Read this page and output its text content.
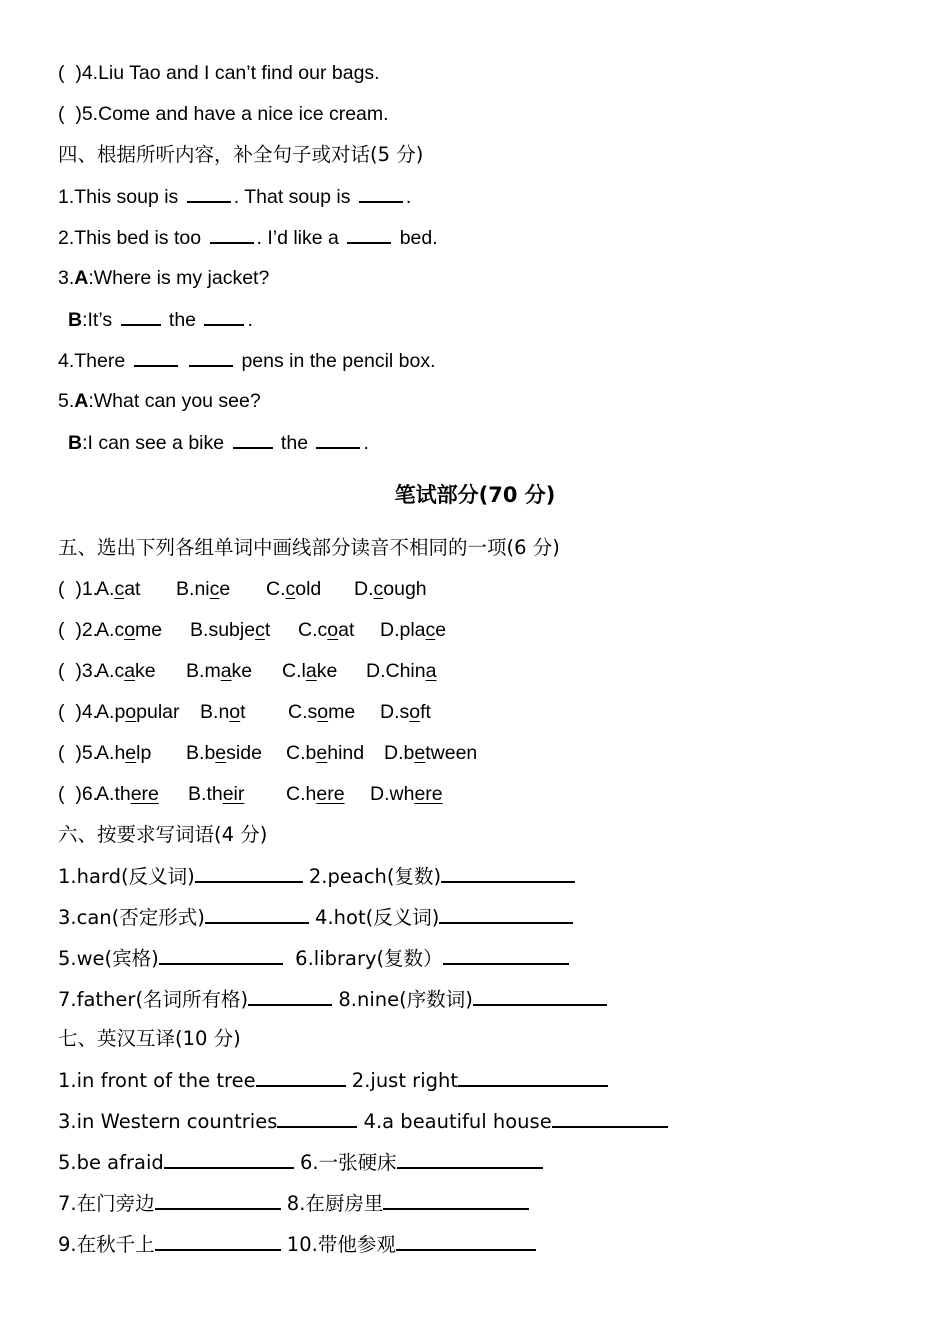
(  )4.Liu Tao and I can’t find our bags.
(  )5.Come and have a nice ice cream.
四、根据所听内容，补全句子或对话(5 分)
1.This soup is	. That soup is	.
2.This bed is too	. I’d like a	bed.
3.A:Where is my jacket?
B:It’s  the .
4.There	pens in the pencil box.
5.A:What can you see?
B:I can see a bike  the	.
笔试部分(70 分)
五、选出下列各组单词中画线部分读音不相同的一项(6 分)
(  )1.
A.cat B.nice C.cold D.cough
(  )2.
A.come B.subject C.coat D.place
(  )3.
A.cake B.make C.lake D.China
(  )4.
A.popular B.not C.some D.soft
(  )5.
A.help B.beside C.behind D.between
(  )6.
A.there B.their C.here D.where
六、按要求写词语(4 分)
1.hard(反义词)	2.peach(复数)
3.can(否定形式)	4.hot(反义词)
5.we(宾格)	6.library(复数）
7.father(名词所有格)	8.nine(序数词)
七、英汉互译(10 分)
1.in front of the tree	2.just right
3.in Western countries	4.a beautiful house
5.be afraid	6.一张硬床
7.在门旁边	8.在厨房里
9.在秋千上	10.带他参观
